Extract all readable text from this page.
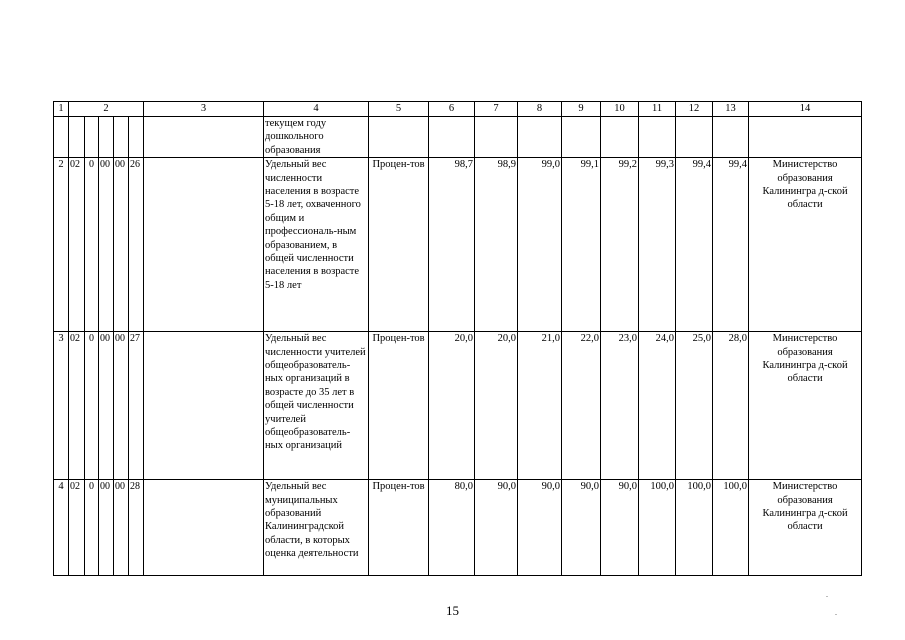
1	2					3	4	5	6	7	8	9	10	11	12	13	14
							текущем году дошкольного образования										
2	02	0	00	00	26		Удельный вес численности населения в возрасте 5-18 лет, охваченного общим и профессиональ-ным образованием, в общей численности населения в возрасте 5-18 лет	Процен-тов	98,7	98,9	99,0	99,1	99,2	99,3	99,4	99,4	Министерство образования Калинингра д-ской области
3	02	0	00	00	27		Удельный вес численности учителей общеобразователь-ных организаций в возрасте до 35 лет в общей численности учителей общеобразователь-ных организаций	Процен-тов	20,0	20,0	21,0	22,0	23,0	24,0	25,0	28,0	Министерство образования Калинингра д-ской области
4	02	0	00	00	28		Удельный вес муниципальных образований Калининградской области, в которых оценка деятельности	Процен-тов	80,0	90,0	90,0	90,0	90,0	100,0	100,0	100,0	Министерство образования Калинингра д-ской области
15
